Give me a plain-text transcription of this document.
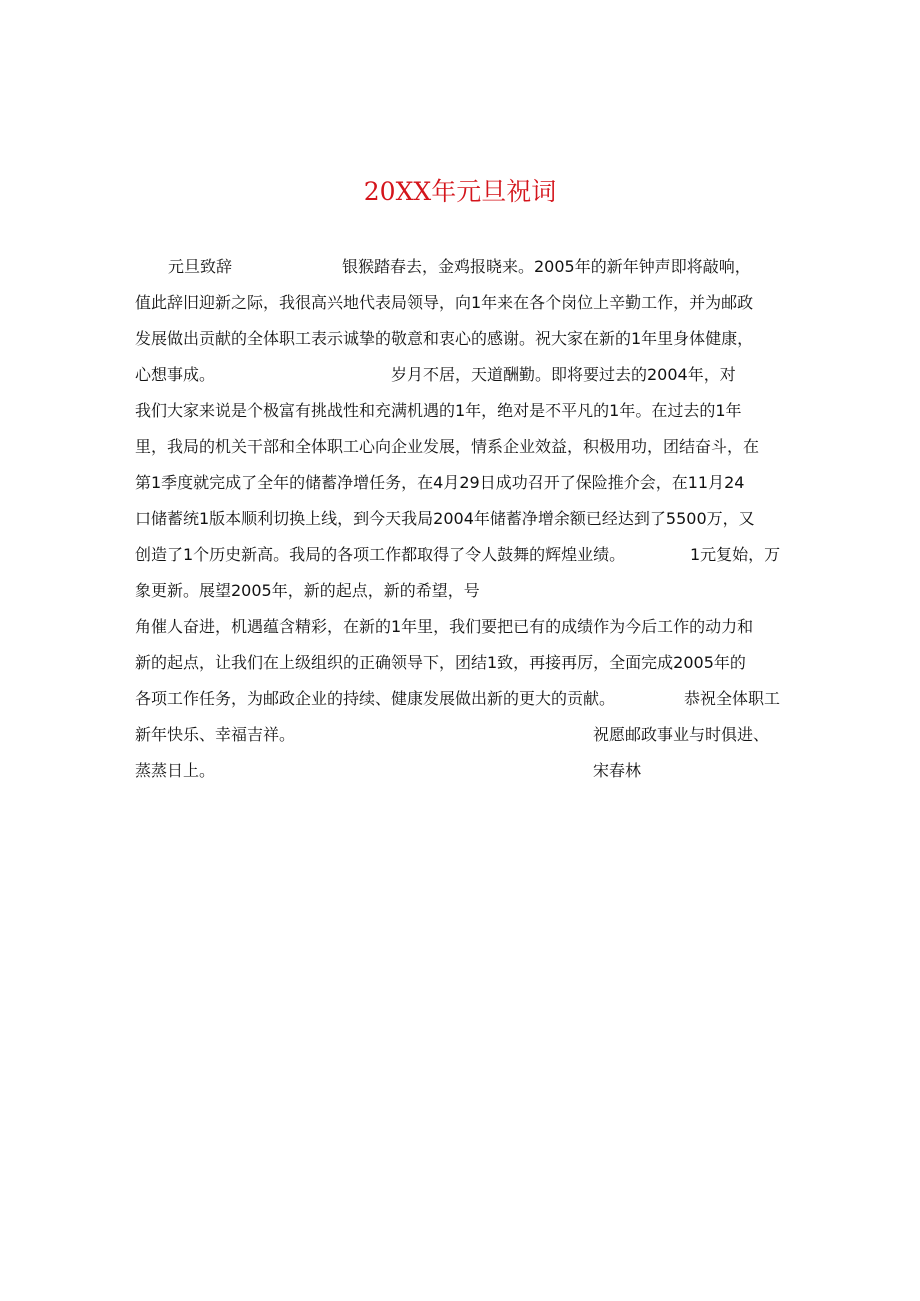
20XX年元旦祝词
元旦致辞	银猴踏春去，金鸡报晓来。2005年的新年钟声即将敲响，
值此辞旧迎新之际，我很高兴地代表局领导，向1年来在各个岗位上辛勤工作，并为邮政
发展做出贡献的全体职工表示诚挚的敬意和衷心的感谢。祝大家在新的1年里身体健康，
心想事成。	岁月不居，天道酬勤。即将要过去的2004年，对
我们大家来说是个极富有挑战性和充满机遇的1年，绝对是不平凡的1年。在过去的1年
里，我局的机关干部和全体职工心向企业发展，情系企业效益，积极用功，团结奋斗，在
第1季度就完成了全年的储蓄净增任务，在4月29日成功召开了保险推介会，在11月24
口储蓄统1版本顺利切换上线，到今天我局2004年储蓄净增余额已经达到了5500万，又
创造了1个历史新高。我局的各项工作都取得了令人鼓舞的辉煌业绩。	1元复始，万
象更新。展望2005年，新的起点，新的希望，号
角催人奋进，机遇蕴含精彩，在新的1年里，我们要把已有的成绩作为今后工作的动力和
新的起点，让我们在上级组织的正确领导下，团结1致，再接再厉，全面完成2005年的
各项工作任务，为邮政企业的持续、健康发展做出新的更大的贡献。	恭祝全体职工
新年快乐、幸福吉祥。	祝愿邮政事业与时俱进、
蒸蒸日上。	宋春林
